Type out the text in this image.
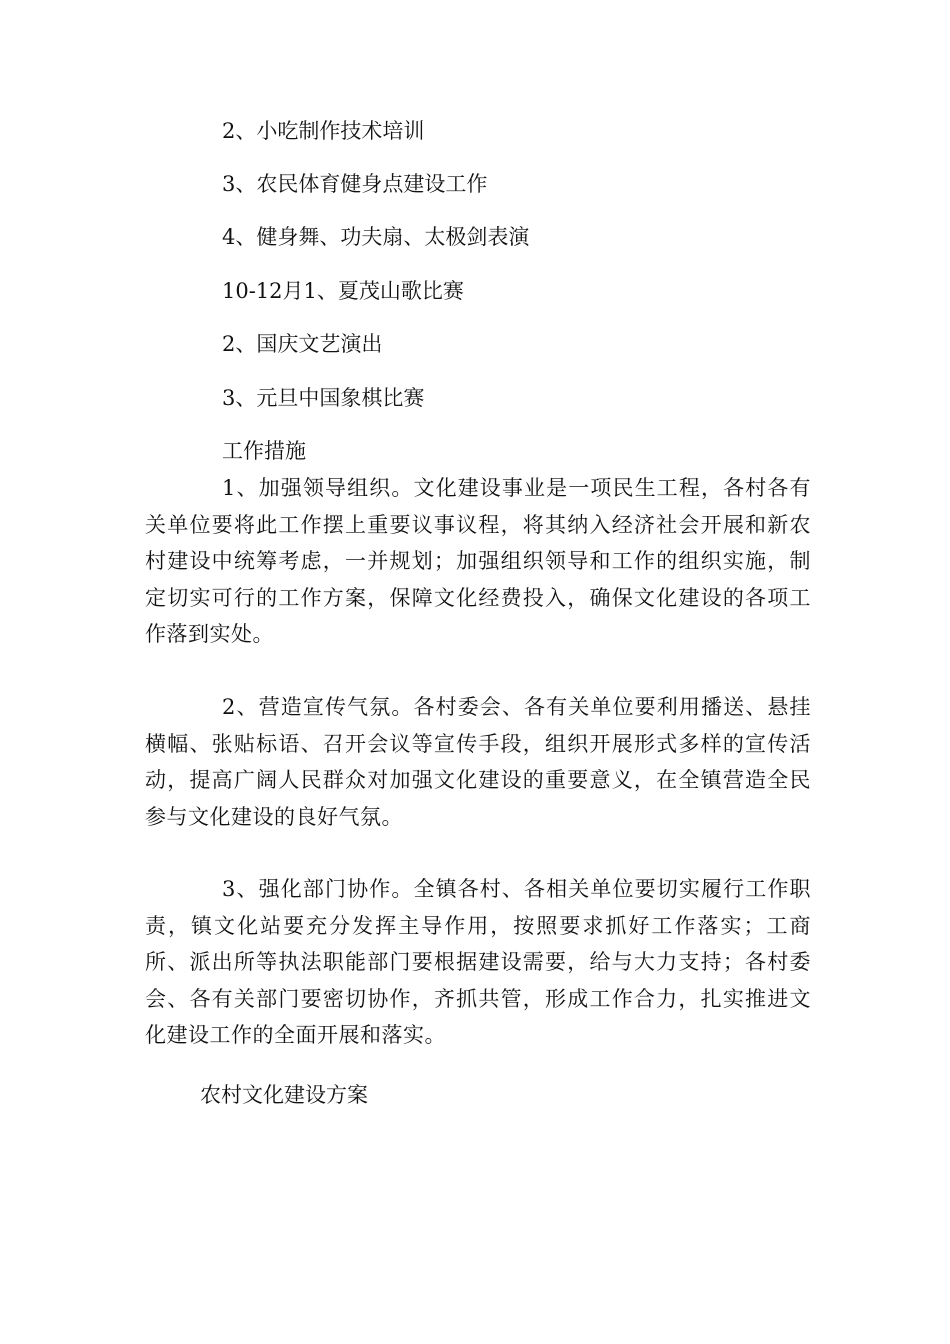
2、小吃制作技术培训
3、农民体育健身点建设工作
4、健身舞、功夫扇、太极剑表演
10-12月1、夏茂山歌比赛
2、国庆文艺演出
3、元旦中国象棋比赛
工作措施

1、加强领导组织。文化建设事业是一项民生工程，各村各有关单位要将此工作摆上重要议事议程，将其纳入经济社会开展和新农村建设中统筹考虑，一并规划；加强组织领导和工作的组织实施，制定切实可行的工作方案，保障文化经费投入，确保文化建设的各项工作落到实处。

2、营造宣传气氛。各村委会、各有关单位要利用播送、悬挂横幅、张贴标语、召开会议等宣传手段，组织开展形式多样的宣传活动，提高广阔人民群众对加强文化建设的重要意义，在全镇营造全民参与文化建设的良好气氛。

3、强化部门协作。全镇各村、各相关单位要切实履行工作职责，镇文化站要充分发挥主导作用，按照要求抓好工作落实；工商所、派出所等执法职能部门要根据建设需要，给与大力支持；各村委会、各有关部门要密切协作，齐抓共管，形成工作合力，扎实推进文化建设工作的全面开展和落实。

农村文化建设方案
